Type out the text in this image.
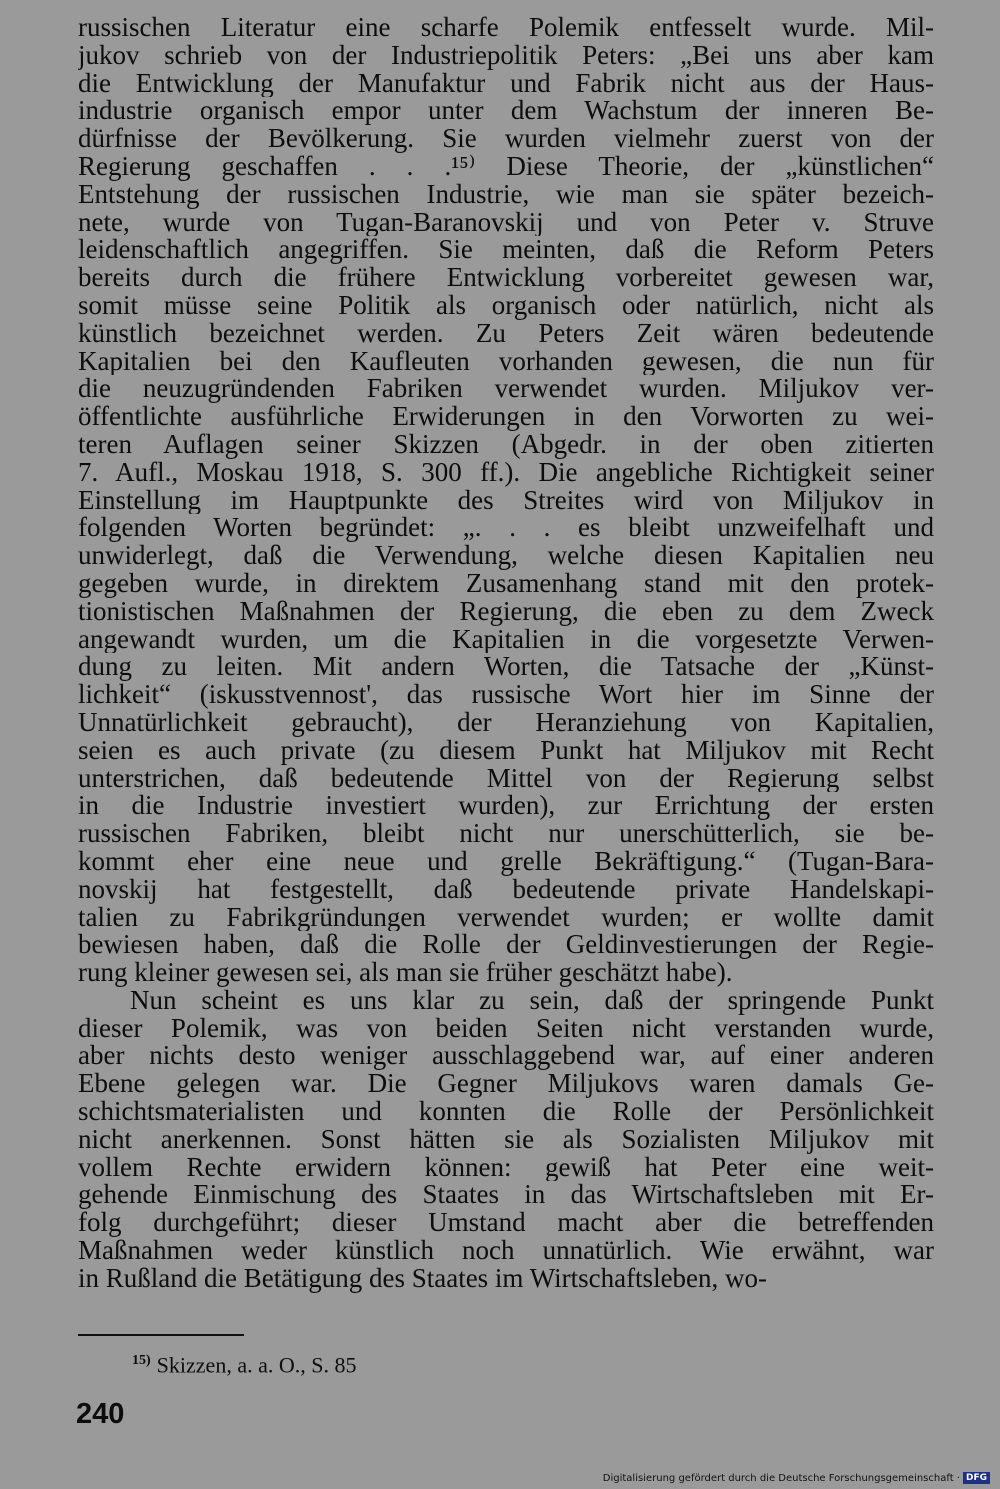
russischen Literatur eine scharfe Polemik entfesselt wurde. Mil-
jukov schrieb von der Industriepolitik Peters: „Bei uns aber kam
die Entwicklung der Manufaktur und Fabrik nicht aus der Haus-
industrie organisch empor unter dem Wachstum der inneren Be-
dürfnisse der Bevölkerung. Sie wurden vielmehr zuerst von der
Regierung geschaffen . . .¹⁵⁾ Diese Theorie, der „künstlichen“
Entstehung der russischen Industrie, wie man sie später bezeich-
nete, wurde von Tugan-Baranovskij und von Peter v. Struve
leidenschaftlich angegriffen. Sie meinten, daß die Reform Peters
bereits durch die frühere Entwicklung vorbereitet gewesen war,
somit müsse seine Politik als organisch oder natürlich, nicht als
künstlich bezeichnet werden. Zu Peters Zeit wären bedeutende
Kapitalien bei den Kaufleuten vorhanden gewesen, die nun für
die neuzugründenden Fabriken verwendet wurden. Miljukov ver-
öffentlichte ausführliche Erwiderungen in den Vorworten zu wei-
teren Auflagen seiner Skizzen (Abgedr. in der oben zitierten
7. Aufl., Moskau 1918, S. 300 ff.). Die angebliche Richtigkeit seiner
Einstellung im Hauptpunkte des Streites wird von Miljukov in
folgenden Worten begründet: „. . . es bleibt unzweifelhaft und
unwiderlegt, daß die Verwendung, welche diesen Kapitalien neu
gegeben wurde, in direktem Zusamenhang stand mit den protek-
tionistischen Maßnahmen der Regierung, die eben zu dem Zweck
angewandt wurden, um die Kapitalien in die vorgesetzte Verwen-
dung zu leiten. Mit andern Worten, die Tatsache der „Künst-
lichkeit“ (iskusstvennost', das russische Wort hier im Sinne der
Unnatürlichkeit gebraucht), der Heranziehung von Kapitalien,
seien es auch private (zu diesem Punkt hat Miljukov mit Recht
unterstrichen, daß bedeutende Mittel von der Regierung selbst
in die Industrie investiert wurden), zur Errichtung der ersten
russischen Fabriken, bleibt nicht nur unerschütterlich, sie be-
kommt eher eine neue und grelle Bekräftigung.“ (Tugan-Bara-
novskij hat festgestellt, daß bedeutende private Handelskapi-
talien zu Fabrikgründungen verwendet wurden; er wollte damit
bewiesen haben, daß die Rolle der Geldinvestierungen der Regie-
rung kleiner gewesen sei, als man sie früher geschätzt habe).
Nun scheint es uns klar zu sein, daß der springende Punkt
dieser Polemik, was von beiden Seiten nicht verstanden wurde,
aber nichts desto weniger ausschlaggebend war, auf einer anderen
Ebene gelegen war. Die Gegner Miljukovs waren damals Ge-
schichtsmaterialisten und konnten die Rolle der Persönlichkeit
nicht anerkennen. Sonst hätten sie als Sozialisten Miljukov mit
vollem Rechte erwidern können: gewiß hat Peter eine weit-
gehende Einmischung des Staates in das Wirtschaftsleben mit Er-
folg durchgeführt; dieser Umstand macht aber die betreffenden
Maßnahmen weder künstlich noch unnatürlich. Wie erwähnt, war
in Rußland die Betätigung des Staates im Wirtschaftsleben, wo-
$^{15)}$ Skizzen, a. a. O., S. 85
240
Digitalisierung gefördert durch die Deutsche Forschungsgemeinschaft · DFG
